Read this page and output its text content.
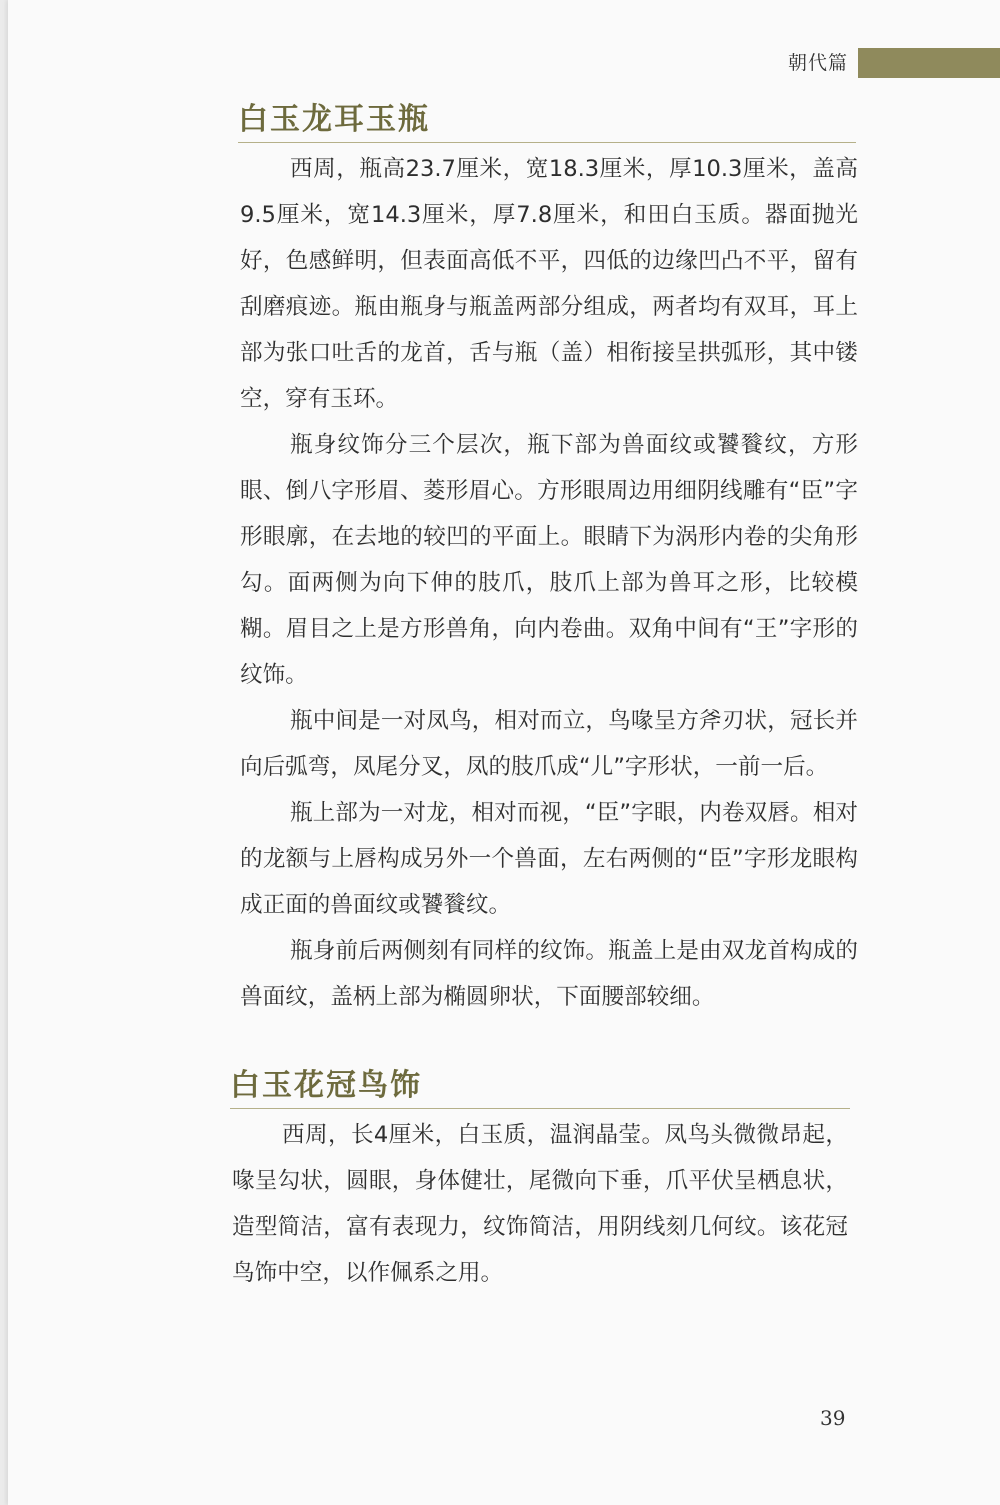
朝代篇
白玉龙耳玉瓶

西周，瓶高23.7厘米，宽18.3厘米，厚10.3厘米，盖高9.5厘米，宽14.3厘米，厚7.8厘米，和田白玉质。器面抛光好，色感鲜明，但表面高低不平，四低的边缘凹凸不平，留有刮磨痕迹。瓶由瓶身与瓶盖两部分组成，两者均有双耳，耳上部为张口吐舌的龙首，舌与瓶（盖）相衔接呈拱弧形，其中镂空，穿有玉环。

瓶身纹饰分三个层次，瓶下部为兽面纹或饕餮纹，方形眼、倒八字形眉、菱形眉心。方形眼周边用细阴线雕有“臣”字形眼廓，在去地的较凹的平面上。眼睛下为涡形内卷的尖角形勾。面两侧为向下伸的肢爪，肢爪上部为兽耳之形，比较模糊。眉目之上是方形兽角，向内卷曲。双角中间有“王”字形的纹饰。

瓶中间是一对凤鸟，相对而立，鸟喙呈方斧刃状，冠长并向后弧弯，凤尾分叉，凤的肢爪成“儿”字形状，一前一后。

瓶上部为一对龙，相对而视，“臣”字眼，内卷双唇。相对的龙额与上唇构成另外一个兽面，左右两侧的“臣”字形龙眼构成正面的兽面纹或饕餮纹。

瓶身前后两侧刻有同样的纹饰。瓶盖上是由双龙首构成的兽面纹，盖柄上部为椭圆卵状，下面腰部较细。

白玉花冠鸟饰

西周，长4厘米，白玉质，温润晶莹。凤鸟头微微昂起，喙呈勾状，圆眼，身体健壮，尾微向下垂，爪平伏呈栖息状，造型简洁，富有表现力，纹饰简洁，用阴线刻几何纹。该花冠鸟饰中空，以作佩系之用。

39
